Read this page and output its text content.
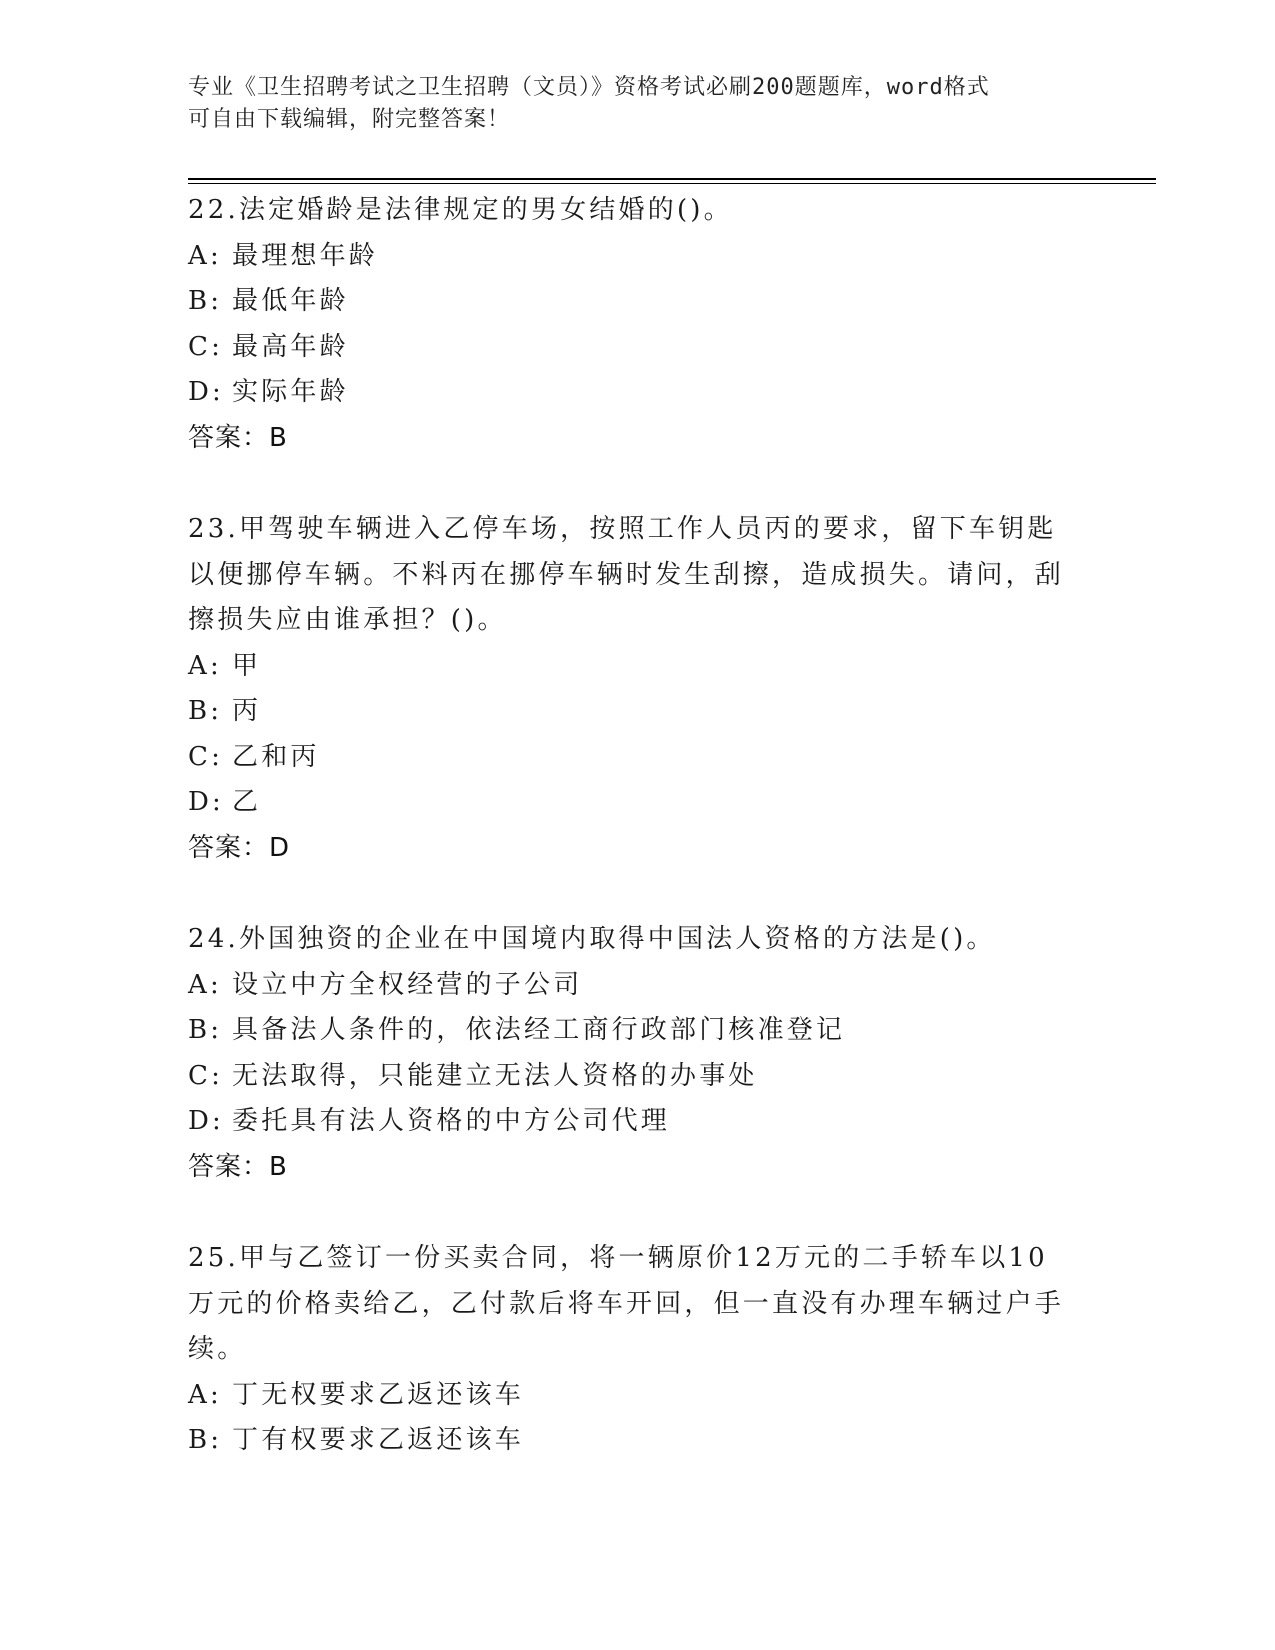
专业《卫生招聘考试之卫生招聘（文员）》资格考试必刷200题题库，word格式
可自由下载编辑，附完整答案！
22.法定婚龄是法律规定的男女结婚的()。
A: 最理想年龄
B: 最低年龄
C: 最高年龄
D: 实际年龄
答案：B
23.甲驾驶车辆进入乙停车场，按照工作人员丙的要求，留下车钥匙以便挪停车辆。不料丙在挪停车辆时发生刮擦，造成损失。请问，刮擦损失应由谁承担？()。
A: 甲
B: 丙
C: 乙和丙
D: 乙
答案：D
24.外国独资的企业在中国境内取得中国法人资格的方法是()。
A: 设立中方全权经营的子公司
B: 具备法人条件的，依法经工商行政部门核准登记
C: 无法取得，只能建立无法人资格的办事处
D: 委托具有法人资格的中方公司代理
答案：B
25.甲与乙签订一份买卖合同，将一辆原价12万元的二手轿车以10万元的价格卖给乙，乙付款后将车开回，但一直没有办理车辆过户手续。
A: 丁无权要求乙返还该车
B: 丁有权要求乙返还该车
